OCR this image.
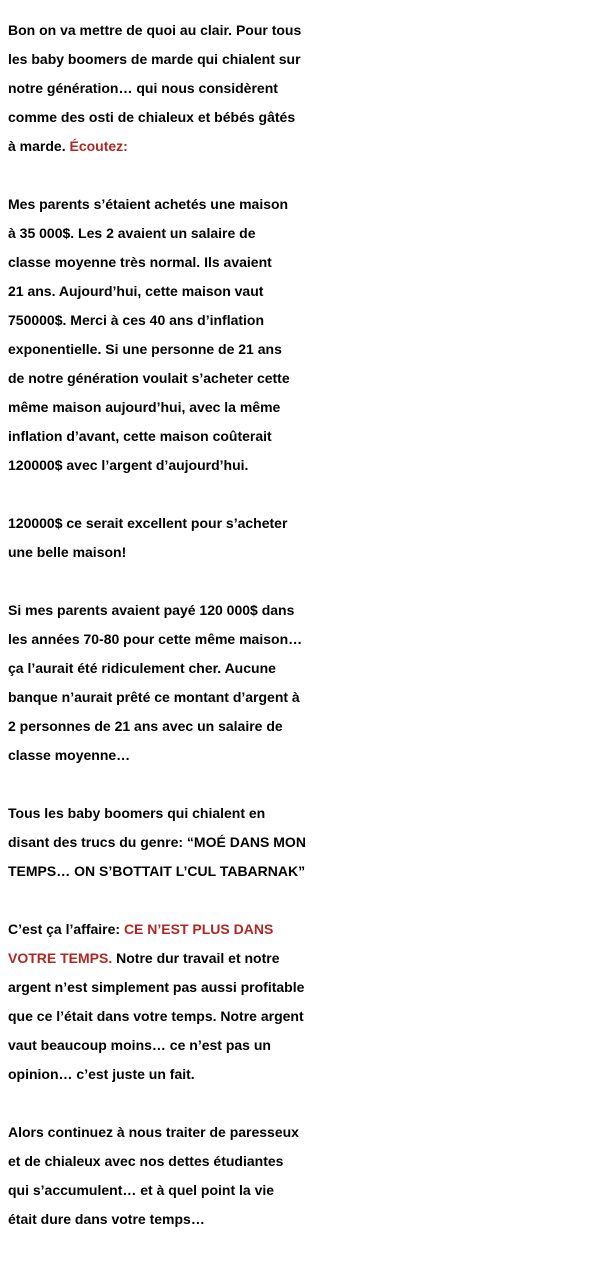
Bon on va mettre de quoi au clair. Pour tous
les baby boomers de marde qui chialent sur
notre génération… qui nous considèrent
comme des osti de chialeux et bébés gâtés
à marde. Écoutez:
Mes parents s’étaient achetés une maison
à 35 000$. Les 2 avaient un salaire de
classe moyenne très normal. Ils avaient
21 ans. Aujourd’hui, cette maison vaut
750000$. Merci à ces 40 ans d’inflation
exponentielle. Si une personne de 21 ans
de notre génération voulait s’acheter cette
même maison aujourd’hui, avec la même
inflation d’avant, cette maison coûterait
120000$ avec l’argent d’aujourd’hui.
120000$ ce serait excellent pour s’acheter
une belle maison!
Si mes parents avaient payé 120 000$ dans
les années 70-80 pour cette même maison…
ça l’aurait été ridiculement cher. Aucune
banque n’aurait prêté ce montant d’argent à
2 personnes de 21 ans avec un salaire de
classe moyenne…
Tous les baby boomers qui chialent en
disant des trucs du genre: “MOÉ DANS MON
TEMPS… ON S’BOTTAIT L’CUL TABARNAK”
C’est ça l’affaire: CE N’EST PLUS DANS
VOTRE TEMPS. Notre dur travail et notre
argent n’est simplement pas aussi profitable
que ce l’était dans votre temps. Notre argent
vaut beaucoup moins… ce n’est pas un
opinion… c’est juste un fait.
Alors continuez à nous traiter de paresseux
et de chialeux avec nos dettes étudiantes
qui s’accumulent… et à quel point la vie
était dure dans votre temps…
